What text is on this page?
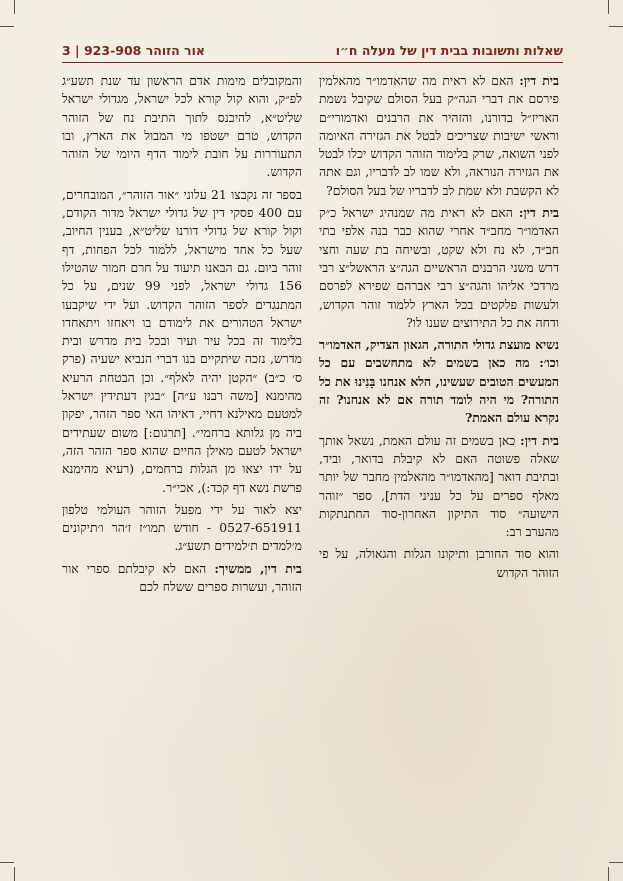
שאלות ותשובות בבית דין של מעלה ח״ו
אור הזוהר 923-908 | 3

בית דין: האם לא ראית מה שהאדמו״ר מהאלמין פירסם את דברי הגה״ק בעל הסולם שקיבל נשמת האריז״ל בדורנו, והזהיר את הרבנים ואדמורי״ם וראשי ישיבות שצריכים לבטל את הגזירה האיומה לפני השואה, שרק בלימוד הזוהר הקדוש יכלו לבטל את הגזירה הנוראה, ולא שמו לב לדבריו, וגם אתה לא הקשבת ולא שמת לב לדבריו של בעל הסולם?

בית דין: האם לא ראית מה שמנהיג ישראל כ״ק האדמו״ר מחב״ד אחרי שהוא כבר בנה אלפי בתי חב״ד, לא נח ולא שקט, ובשיחה בת שעה וחצי דרש משני הרבנים הראשיים הגה״צ הראשל״צ רבי מרדכי אליהו והגה״צ רבי אברהם שפירא לפרסם ולעשות פלקטים בכל הארץ ללמוד זוהר הקדוש, ודחה את כל התירוצים שענו לו?

נשיא מועצת גדולי התורה, הגאון הצדיק, האדמו״ר וכו׳: מה כאן בשמים לא מתחשבים עם כל המעשים הטובים שעשינו, הלא אנחנו בָּנִינוּ את כל התורה? מי היה לומד תורה אם לא אנחנו? זה נקרא עולם האמת?

בית דין: כאן בשמים זה עולם האמת, נשאל אותך שאלה פשוטה האם לא קיבלת בדואר, וביד, ובתיבת דואר [מהאדמו״ר מהאלמין מחבר של יותר מאלף ספרים על כל עניני הדת], ספר ״זוהר הישועה״ סוד התיקון האחרון-סוד החתנתקות מהערב רב:

והוא סוד החורבן ותיקונו הגלות והגאולה, על פי הזוהר הקדוש

והמקובלים מימות אדם הראשון עד שנת תשע״ג לפ״ק, והוא קול קורא לכל ישראל, מגדולי ישראל שליט״א, להיכנס לתוך התיבת נח של הזוהר הקדוש, טרם ישטפו מי המבול את הארץ, ובו התעוררות על חובת לימוד הדף היומי של הזוהר הקדוש.

בספר זה נקבצו 21 עלוני ״אור הזוהר״, המובחרים, עם 400 פסקי דין של גדולי ישראל מדור הקודם, וקול קורא של גדולי דורנו שליט״א, בענין החיוב, שעל כל אחד מישראל, ללמוד לכל הפחות, דף זוהר ביום. גם הבאנו תיעוד על חרם חמור שהטילו 156 גדולי ישראל, לפני 99 שנים, על כל המתנגדים לספר הזוהר הקדוש. ועל ידי שיקבעו ישראל הטהורים את לימודם בו ויאחזו ויתאחדו בלימוד זה בכל עיר ועיר ובכל בית מדרש ובית מדרש, נזכה שיתקיים בנו דברי הנביא ישעיה (פרק ס׳ כ״ב) ״הקטן יהיה לאלף״. וכן הבטחת הרעיא מהימנא [משה רבנו ע״ה] ״בגין דעתידין ישראל למטעם מאילנא דחיי, דאיהו האי ספר הזהר, יפקון ביה מן גלותא ברחמי״. [תרגום:] משום שעתידים ישראל לטעם מאילן החיים שהוא ספר הזהר הזה, על ידו יצאו מן הגלות ברחמים, (רעיא מהימנא פרשת נשא דף קכד:), אכי״ר.

יצא לאור על ידי מפעל הזוהר העולמי טלפון 0527-651911 - חודש תמו״ז ז׳הר ו׳תיקונים מ׳למדים ת׳למידים תשע״ג.

בית דין, ממשיך: האם לא קיבלתם ספרי אור הזוהר, ועשרות ספרים ששלח לכם
